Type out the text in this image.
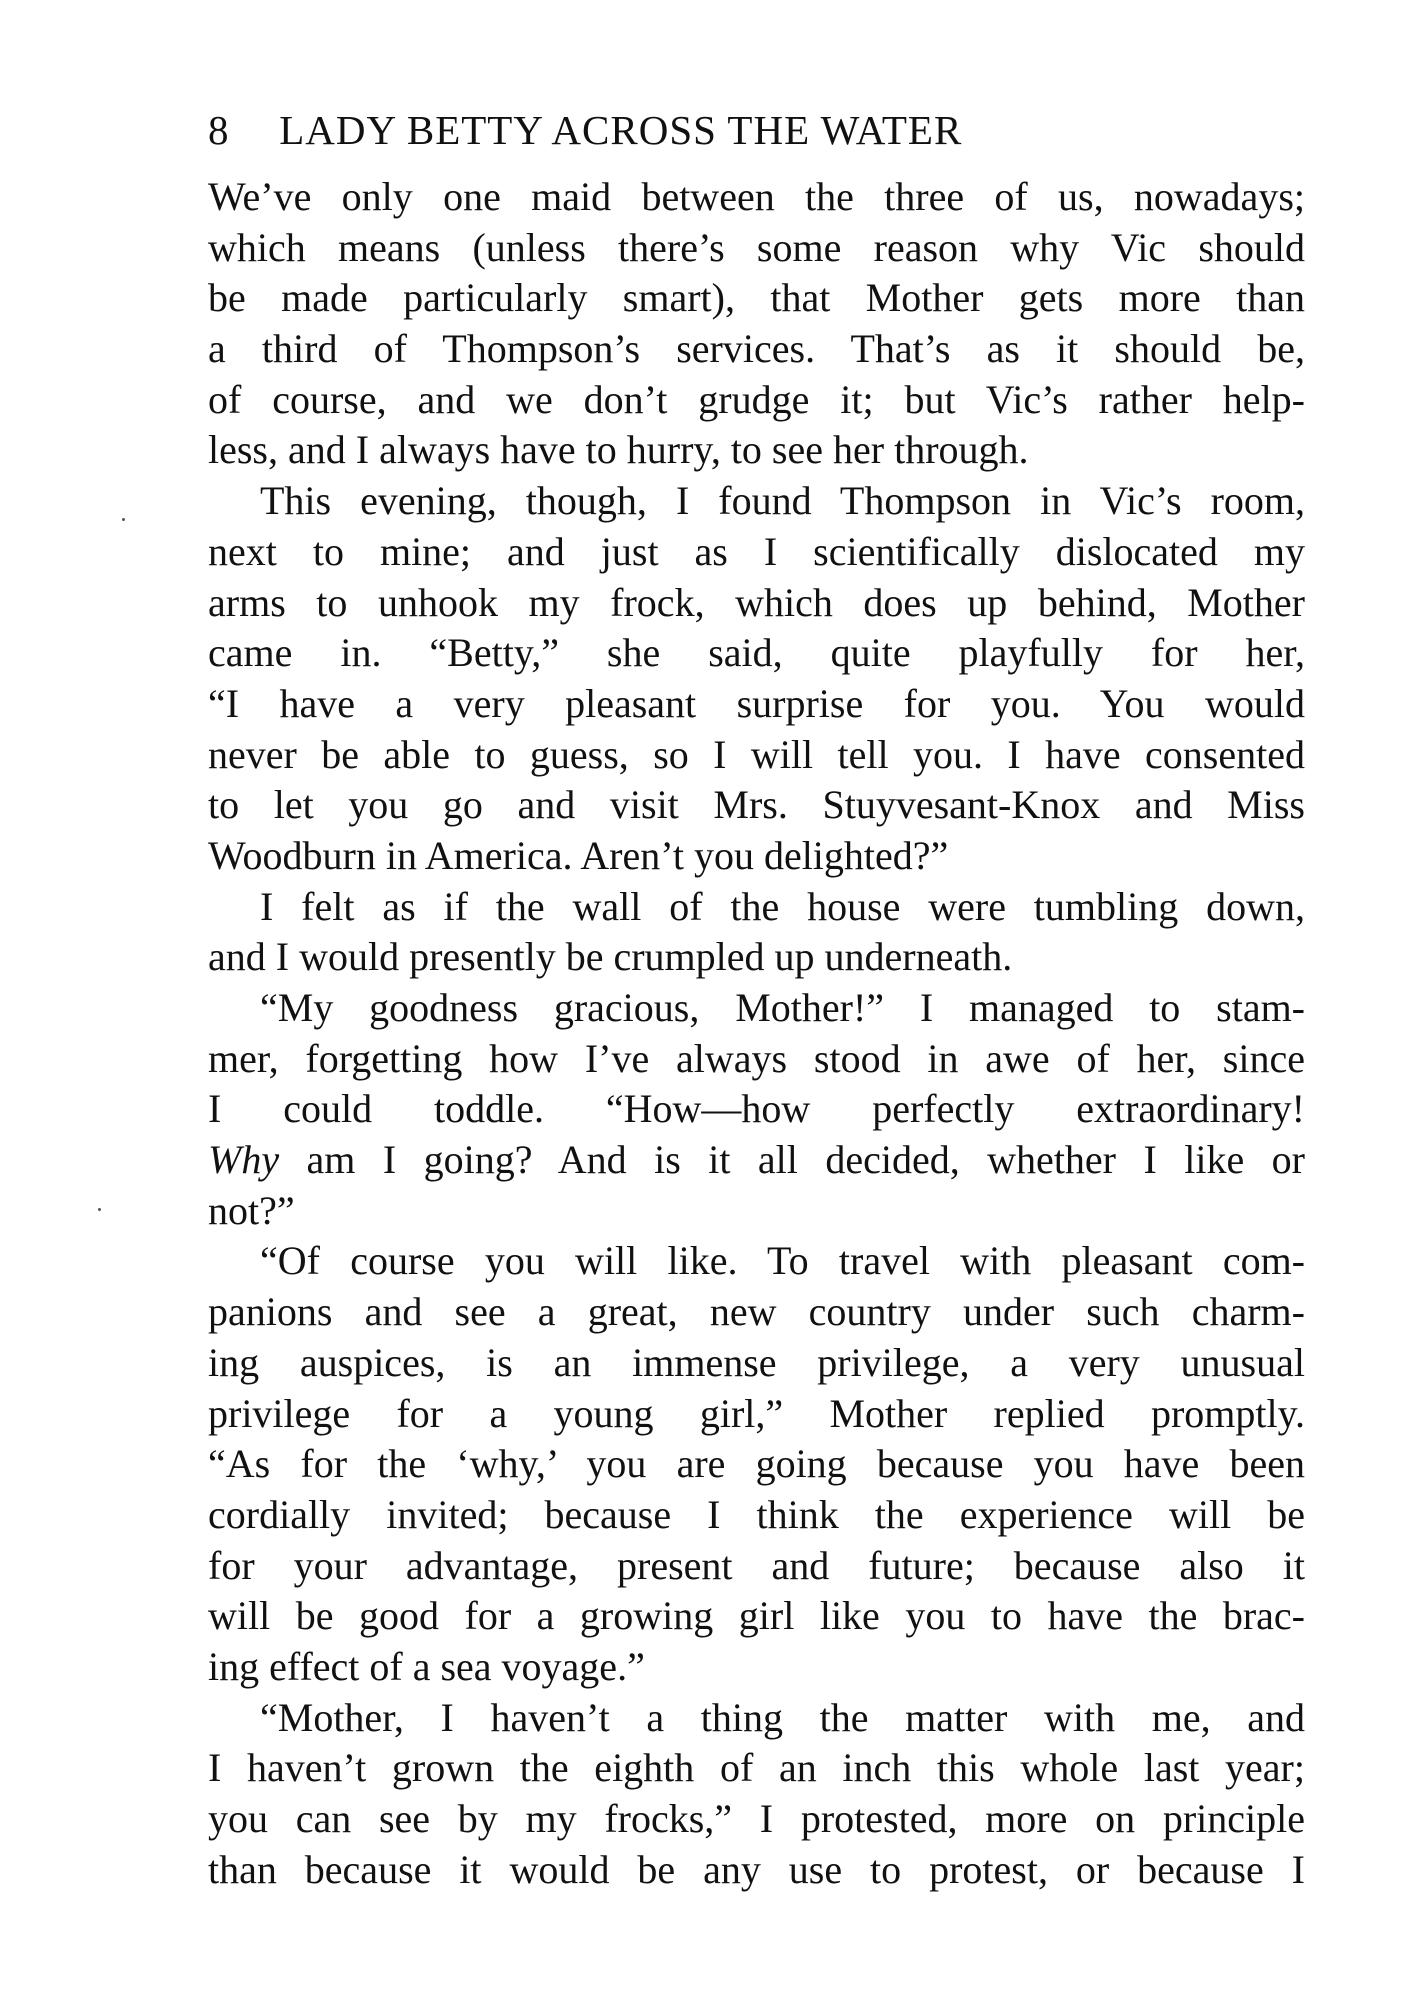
8 LADY BETTY ACROSS THE WATER
We’ve only one maid between the three of us, nowadays;
which means (unless there’s some reason why Vic should
be made particularly smart), that Mother gets more than
a third of Thompson’s services. That’s as it should be,
of course, and we don’t grudge it; but Vic’s rather help-
less, and I always have to hurry, to see her through.
This evening, though, I found Thompson in Vic’s room,
next to mine; and just as I scientifically dislocated my
arms to unhook my frock, which does up behind, Mother
came in. “Betty,” she said, quite playfully for her,
“I have a very pleasant surprise for you. You would
never be able to guess, so I will tell you. I have consented
to let you go and visit Mrs. Stuyvesant-Knox and Miss
Woodburn in America. Aren’t you delighted?”
I felt as if the wall of the house were tumbling down,
and I would presently be crumpled up underneath.
“My goodness gracious, Mother!” I managed to stam-
mer, forgetting how I’ve always stood in awe of her, since
I could toddle. “How—how perfectly extraordinary!
Why am I going? And is it all decided, whether I like or
not?”
“Of course you will like. To travel with pleasant com-
panions and see a great, new country under such charm-
ing auspices, is an immense privilege, a very unusual
privilege for a young girl,” Mother replied promptly.
“As for the ‘why,’ you are going because you have been
cordially invited; because I think the experience will be
for your advantage, present and future; because also it
will be good for a growing girl like you to have the brac-
ing effect of a sea voyage.”
“Mother, I haven’t a thing the matter with me, and
I haven’t grown the eighth of an inch this whole last year;
you can see by my frocks,” I protested, more on principle
than because it would be any use to protest, or because I
